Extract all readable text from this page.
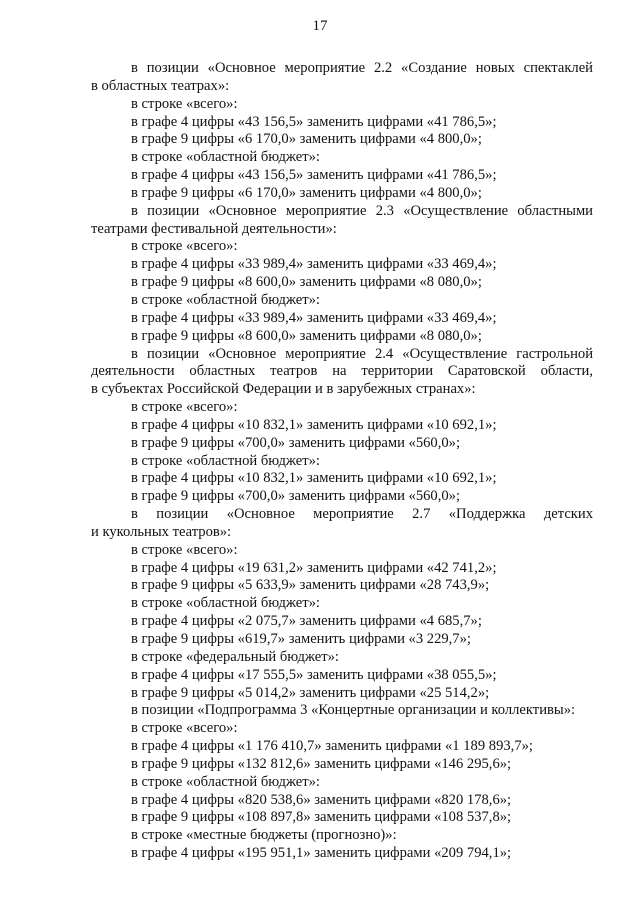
17
в позиции «Основное мероприятие 2.2 «Создание новых спектаклей
в областных театрах»:
в строке «всего»:
в графе 4 цифры «43 156,5» заменить цифрами «41 786,5»;
в графе 9 цифры «6 170,0» заменить цифрами «4 800,0»;
в строке «областной бюджет»:
в графе 4 цифры «43 156,5» заменить цифрами «41 786,5»;
в графе 9 цифры «6 170,0» заменить цифрами «4 800,0»;
в позиции «Основное мероприятие 2.3 «Осуществление областными
театрами фестивальной деятельности»:
в строке «всего»:
в графе 4 цифры «33 989,4» заменить цифрами «33 469,4»;
в графе 9 цифры «8 600,0» заменить цифрами «8 080,0»;
в строке «областной бюджет»:
в графе 4 цифры «33 989,4» заменить цифрами «33 469,4»;
в графе 9 цифры «8 600,0» заменить цифрами «8 080,0»;
в позиции «Основное мероприятие 2.4 «Осуществление гастрольной
деятельности областных театров на территории Саратовской области,
в субъектах Российской Федерации и в зарубежных странах»:
в строке «всего»:
в графе 4 цифры «10 832,1» заменить цифрами «10 692,1»;
в графе 9 цифры «700,0» заменить цифрами «560,0»;
в строке «областной бюджет»:
в графе 4 цифры «10 832,1» заменить цифрами «10 692,1»;
в графе 9 цифры «700,0» заменить цифрами «560,0»;
в позиции «Основное мероприятие 2.7 «Поддержка детских
и кукольных театров»:
в строке «всего»:
в графе 4 цифры «19 631,2» заменить цифрами «42 741,2»;
в графе 9 цифры «5 633,9» заменить цифрами «28 743,9»;
в строке «областной бюджет»:
в графе 4 цифры «2 075,7» заменить цифрами «4 685,7»;
в графе 9 цифры «619,7» заменить цифрами «3 229,7»;
в строке «федеральный бюджет»:
в графе 4 цифры «17 555,5» заменить цифрами «38 055,5»;
в графе 9 цифры «5 014,2» заменить цифрами «25 514,2»;
в позиции «Подпрограмма 3 «Концертные организации и коллективы»:
в строке «всего»:
в графе 4 цифры «1 176 410,7» заменить цифрами «1 189 893,7»;
в графе 9 цифры «132 812,6» заменить цифрами «146 295,6»;
в строке «областной бюджет»:
в графе 4 цифры «820 538,6» заменить цифрами «820 178,6»;
в графе 9 цифры «108 897,8» заменить цифрами «108 537,8»;
в строке «местные бюджеты (прогнозно)»:
в графе 4 цифры «195 951,1» заменить цифрами «209 794,1»;
